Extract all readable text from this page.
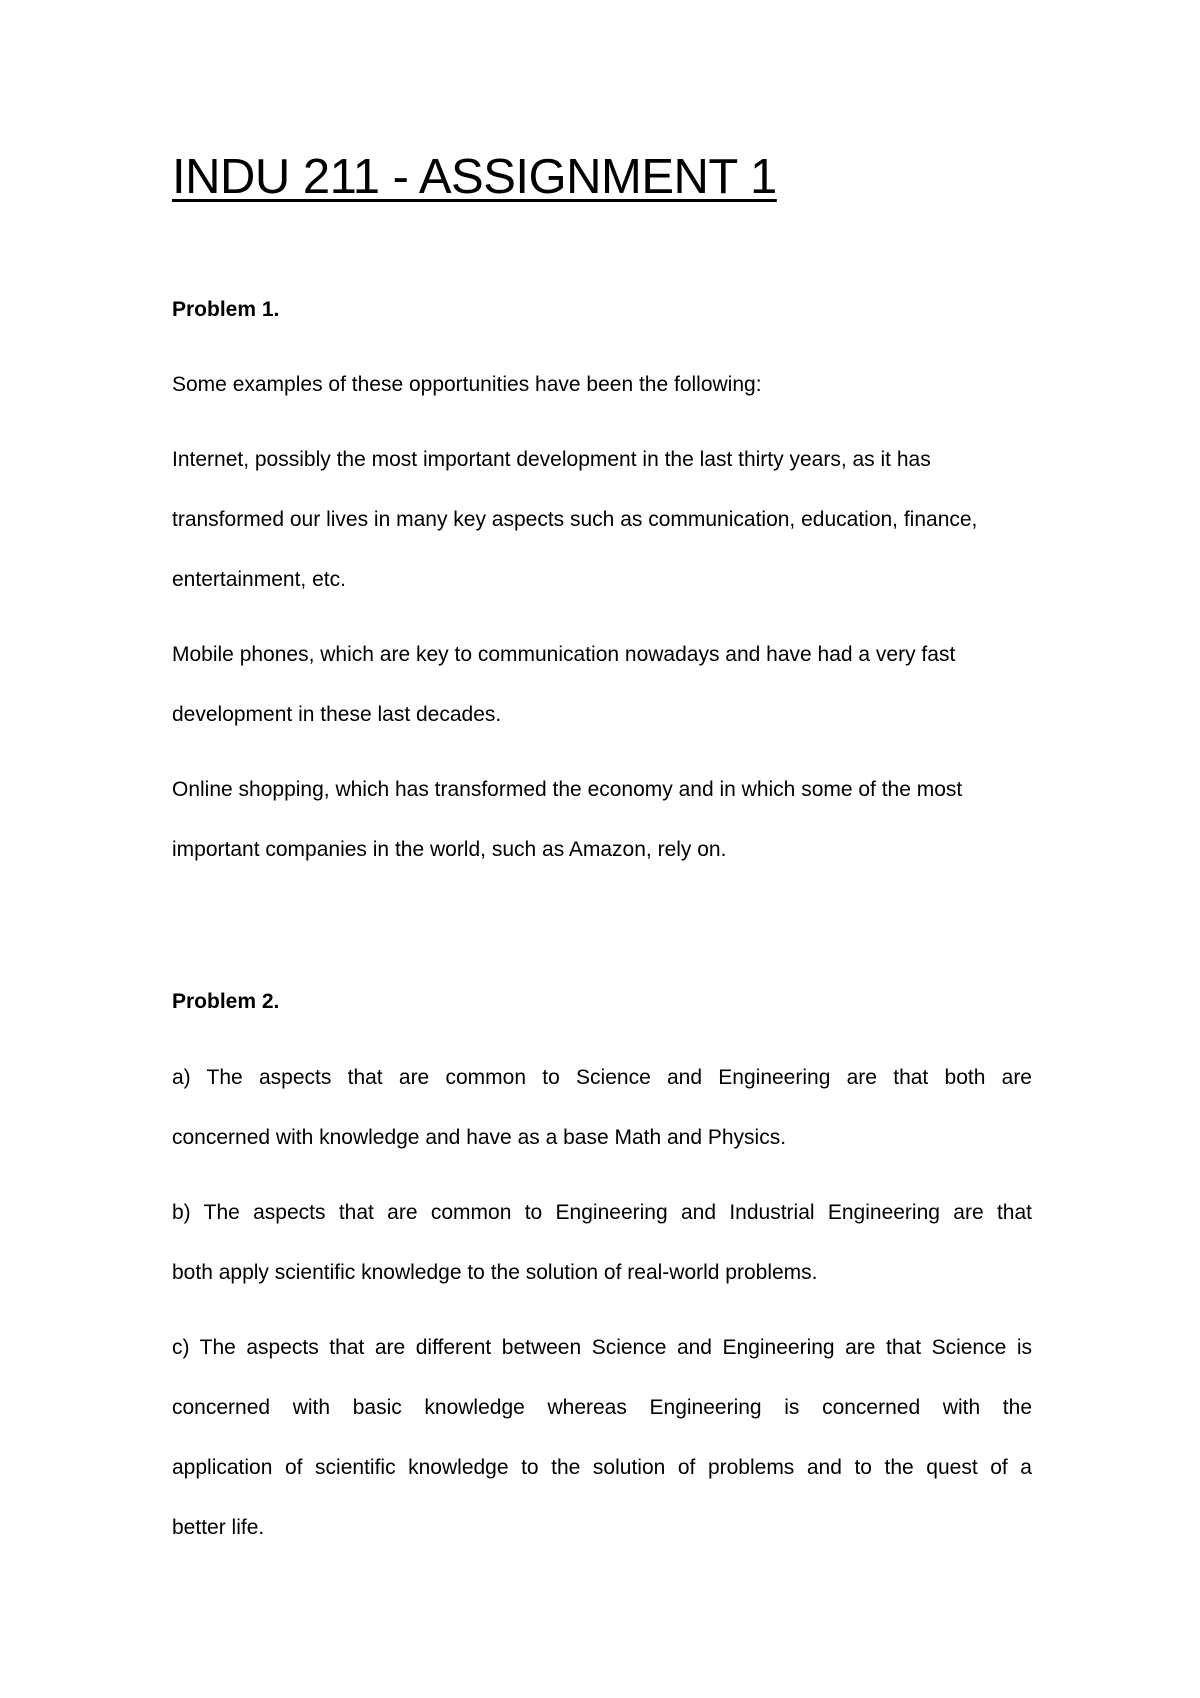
INDU 211 - ASSIGNMENT 1
Problem 1.
Some examples of these opportunities have been the following:
Internet, possibly the most important development in the last thirty years, as it has
transformed our lives in many key aspects such as communication, education, finance,
entertainment, etc.
Mobile phones, which are key to communication nowadays and have had a very fast
development in these last decades.
Online shopping, which has transformed the economy and in which some of the most
important companies in the world, such as Amazon, rely on.
Problem 2.
a) The aspects that are common to Science and Engineering are that both are
concerned with knowledge and have as a base Math and Physics.
b) The aspects that are common to Engineering and Industrial Engineering are that
both apply scientific knowledge to the solution of real-world problems.
c) The aspects that are different between Science and Engineering are that Science is
concerned with basic knowledge whereas Engineering is concerned with the
application of scientific knowledge to the solution of problems and to the quest of a
better life.
